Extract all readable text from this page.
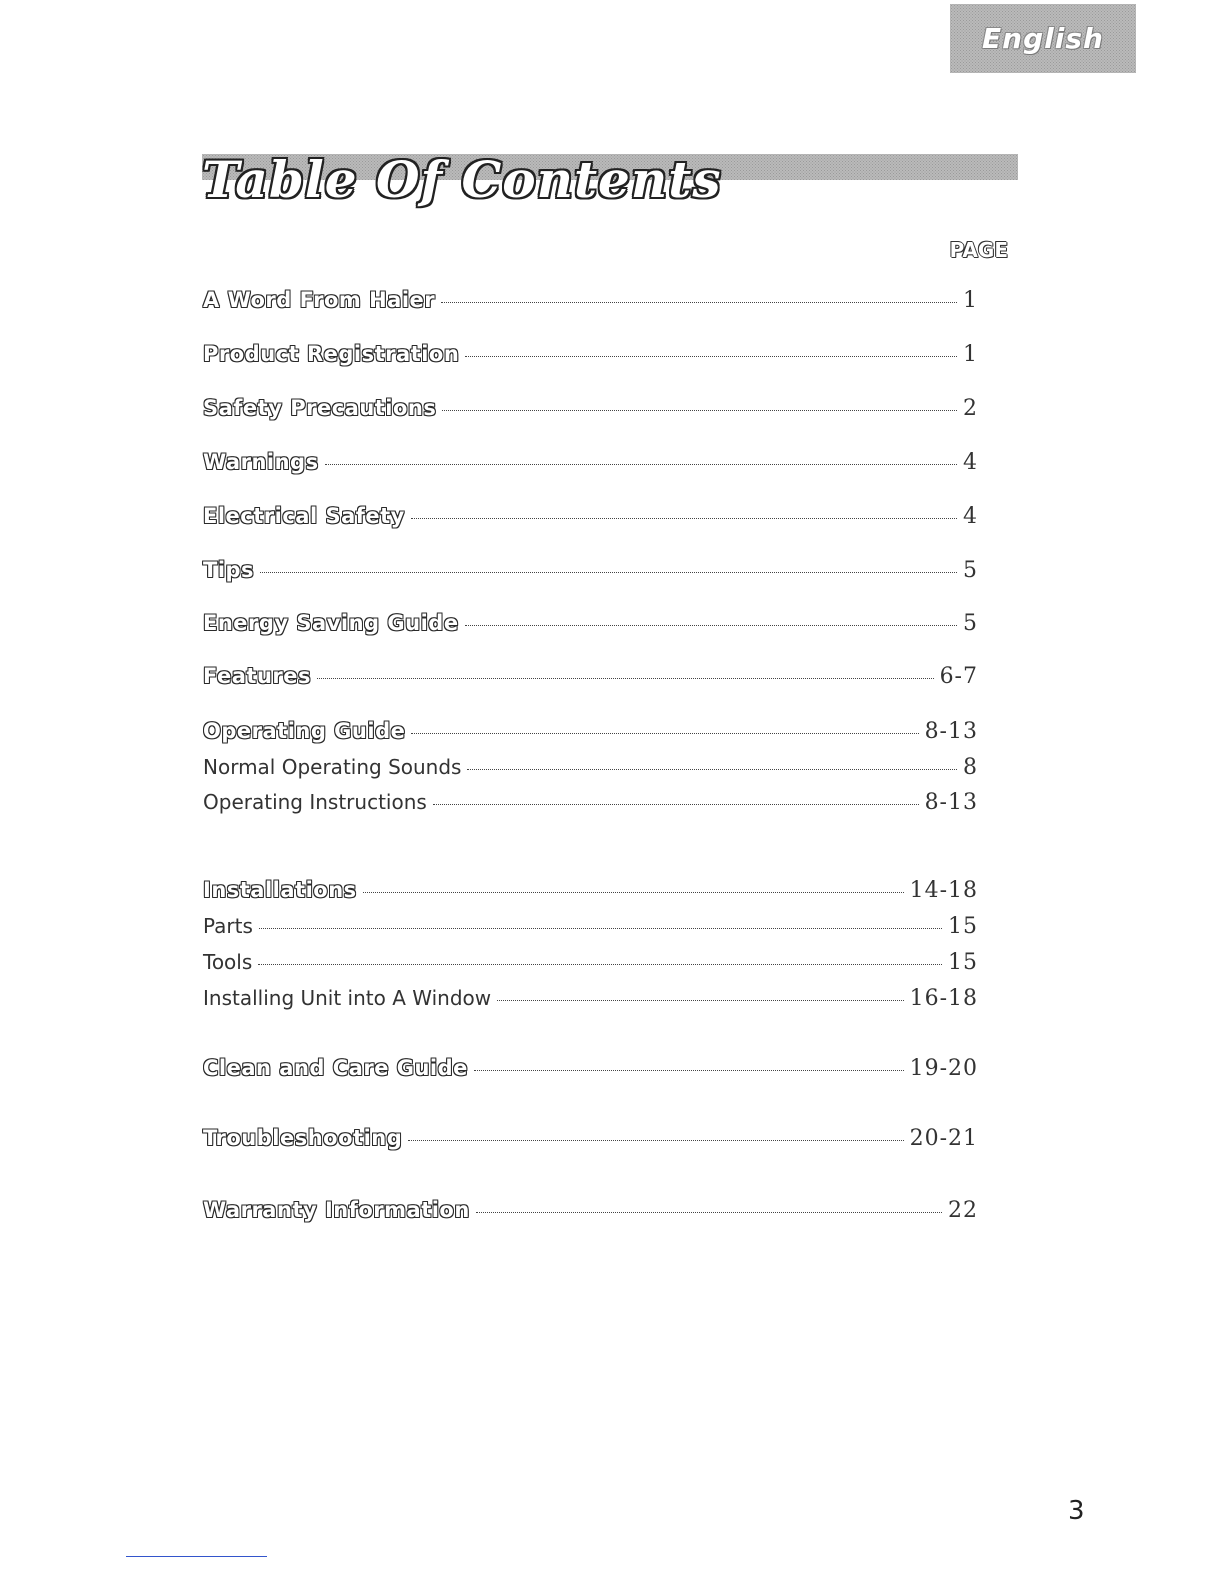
English
Table Of Contents
PAGE
A Word From Haier	1
Product Registration	1
Safety Precautions	2
Warnings	4
Electrical Safety	4
Tips	5
Energy Saving Guide	5
Features	6-7
Operating Guide	8-13
Normal Operating Sounds	8
Operating Instructions	8-13
Installations	14-18
Parts	15
Tools	15
Installing Unit into A Window	16-18
Clean and Care Guide	19-20
Troubleshooting	20-21
Warranty Information	22
3
